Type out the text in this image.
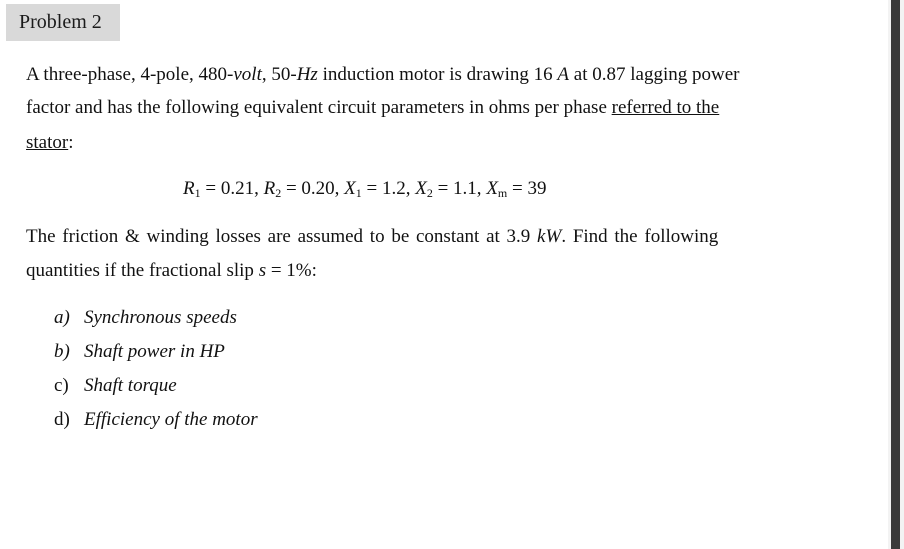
Problem 2
A three-phase, 4-pole, 480-volt, 50-Hz induction motor is drawing 16 A at 0.87 lagging power
factor and has the following equivalent circuit parameters in ohms per phase referred to the
stator:
$R_1 = 0.21$, $R_2 = 0.20$, $X_1 = 1.2$, $X_2 = 1.1$, $X_m = 39$
The friction & winding losses are assumed to be constant at 3.9 kW. Find the following
quantities if the fractional slip s = 1%:
a) Synchronous speeds
b) Shaft power in HP
c) Shaft torque
d) Efficiency of the motor
